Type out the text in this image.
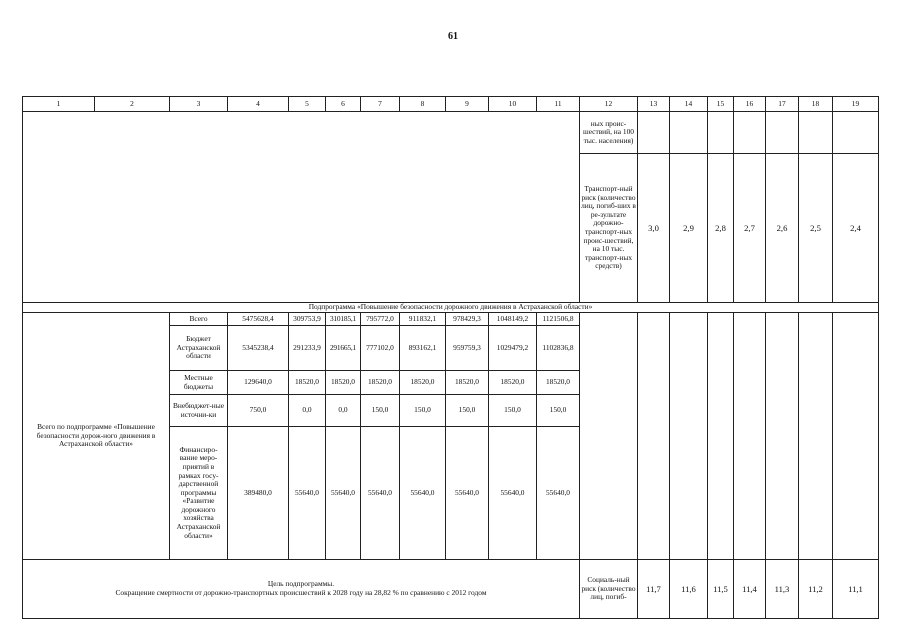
61
1	2	3	4	5	6	7	8	9	10	11	12	13	14	15	16	17	18	19
											ных проис-шествий, на 100 тыс. населения)							
											Транспорт-ный риск (количество лиц, погиб-ших в ре-зультате дорожно-транспорт-ных проис-шествий, на 10 тыс. транспорт-ных средств)	3,0	2,9	2,8	2,7	2,6	2,5	2,4
Подпрограмма «Повышение безопасности дорожного движения в Астраханской области»																		
Всего по подпрограмме «Повышение безопасности дорож-ного движения в Астраханской области»		Всего	5475628,4	309753,9	310185,1	795772,0	911832,1	978429,3	1048149,2	1121506,8								
		Бюджет Астраханской области	5345238,4	291233,9	291665,1	777102,0	893162,1	959759,3	1029479,2	1102836,8								
		Местные бюджеты	129640,0	18520,0	18520,0	18520,0	18520,0	18520,0	18520,0	18520,0								
		Внебюджет-ные источни-ки	750,0	0,0	0,0	150,0	150,0	150,0	150,0	150,0								
		Финансиро-вание меро-приятий в рамках госу-дарственной программы «Развитие дорожного хозяйства Астраханской области»	389480,0	55640,0	55640,0	55640,0	55640,0	55640,0	55640,0	55640,0								

Цель подпрограммы.
Сокращение смертности от дорожно-транспортных происшествий к 2028 году на 28,82 % по сравнению с 2012 годом											Социаль-ный риск (количество лиц, погиб-	11,7	11,6	11,5	11,4	11,3	11,2	11,1
